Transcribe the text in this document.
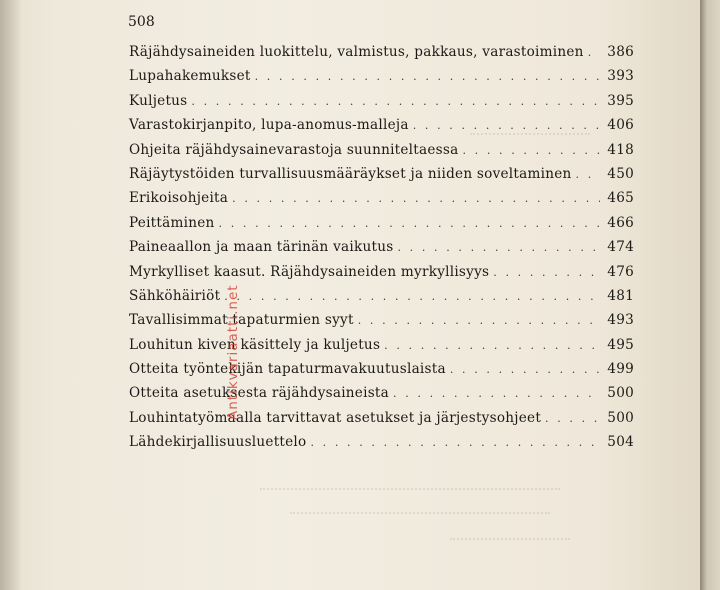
508
Räjähdysaineiden luokittelu, valmistus, pakkaus, varastoiminen . . . 386
Lupahakemukset . . .	393
Kuljetus . . .	395
Varastokirjanpito, lupa-anomus-malleja . . .	406
Ohjeita räjähdysainevarastoja suunniteltaessa . . .	418
Räjäytystöiden turvallisuusmääräykset ja niiden soveltaminen . . .	450
Erikoisohjeita . . .	465
Peittäminen . . .	466
Paineaallon ja maan tärinän vaikutus . . .	474
Myrkylliset kaasut. Räjähdysaineiden myrkyllisyys . . .	476
Sähköhäiriöt . . .	481
Tavallisimmat tapaturmien syyt . . .	493
Louhitun kiven käsittely ja kuljetus . . .	495
Otteita työntekijän tapaturmavakuutuslaista . . .	499
Otteita asetuksesta räjähdysaineista . . .	500
Louhintatyömaalla tarvittavat asetukset ja järjestysohjeet . . .	500
Lähdekirjallisuusluettelo . . .	504
Antikvariaatti.net
